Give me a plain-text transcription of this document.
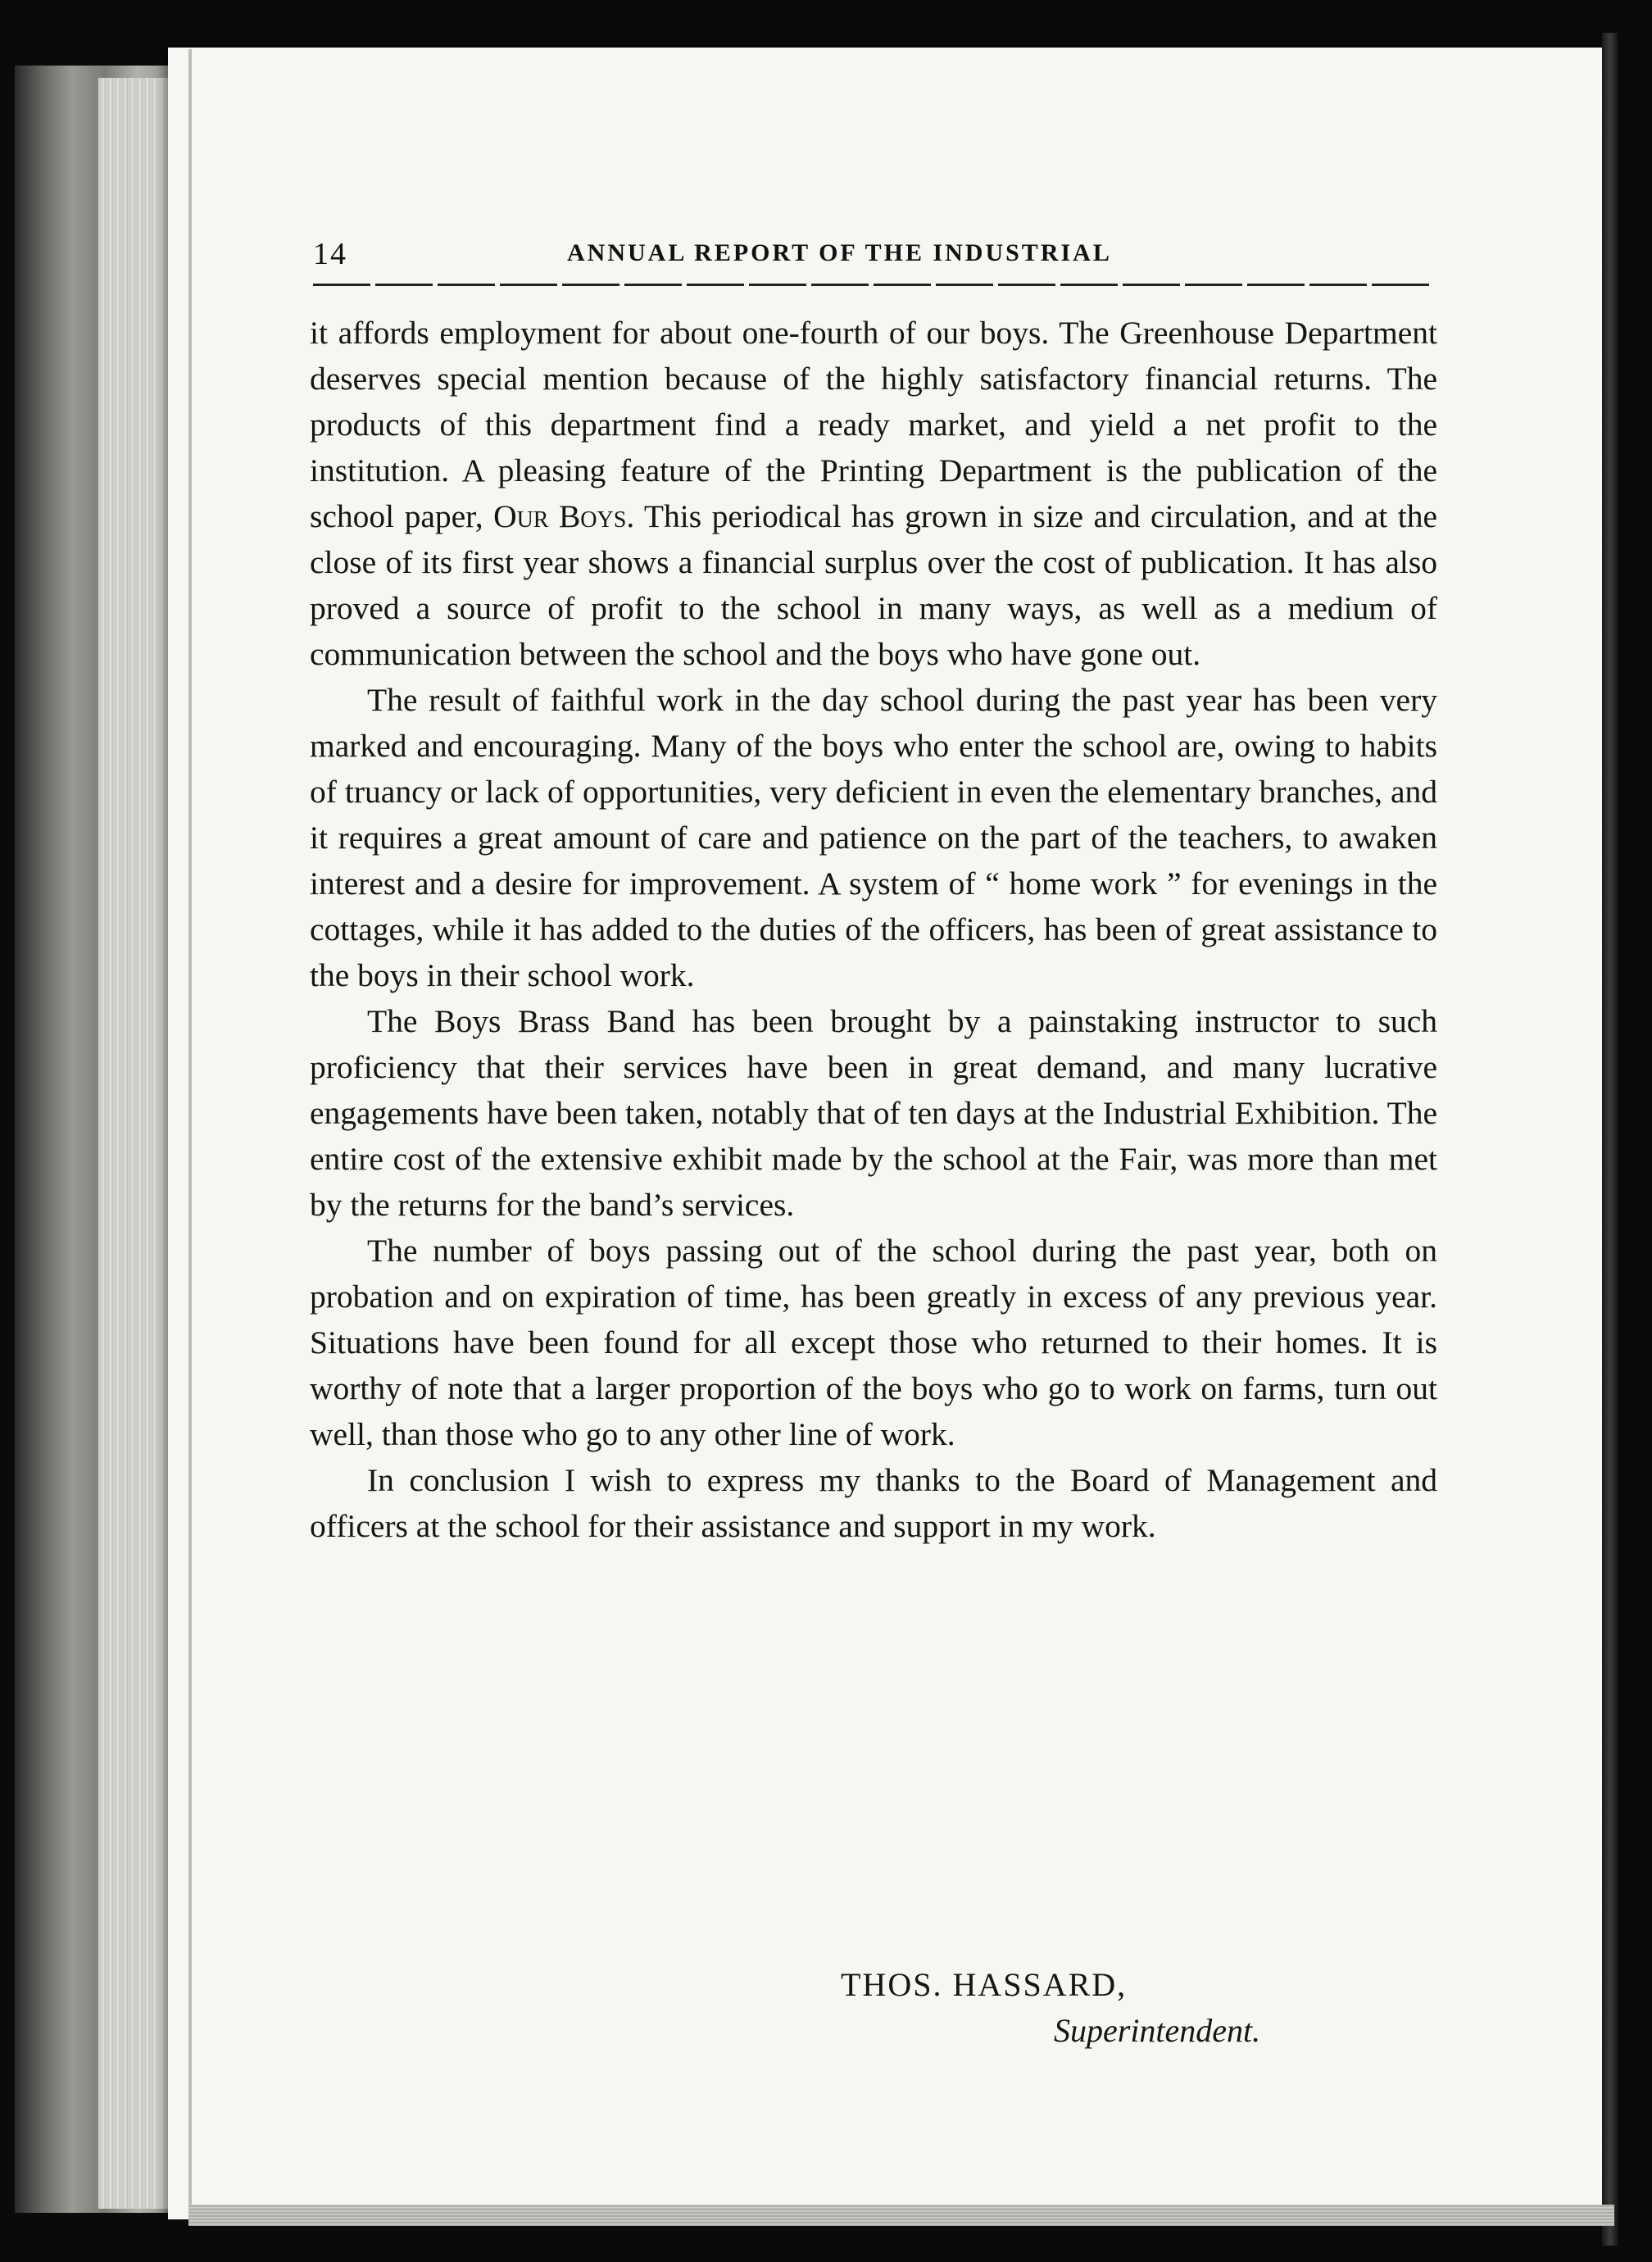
14	ANNUAL REPORT OF THE INDUSTRIAL

it affords employment for about one-fourth of our boys. The Greenhouse Department deserves special mention because of the highly satisfactory financial returns. The products of this department find a ready market, and yield a net profit to the institution. A pleasing feature of the Printing Department is the publication of the school paper, Our Boys. This periodical has grown in size and circulation, and at the close of its first year shows a financial surplus over the cost of publication. It has also proved a source of profit to the school in many ways, as well as a medium of communication between the school and the boys who have gone out.

The result of faithful work in the day school during the past year has been very marked and encouraging. Many of the boys who enter the school are, owing to habits of truancy or lack of opportunities, very deficient in even the elementary branches, and it requires a great amount of care and patience on the part of the teachers, to awaken interest and a desire for improvement. A system of “ home work ” for evenings in the cottages, while it has added to the duties of the officers, has been of great assistance to the boys in their school work.

The Boys Brass Band has been brought by a painstaking instructor to such proficiency that their services have been in great demand, and many lucrative engagements have been taken, notably that of ten days at the Industrial Exhibition. The entire cost of the extensive exhibit made by the school at the Fair, was more than met by the returns for the band’s services.

The number of boys passing out of the school during the past year, both on probation and on expiration of time, has been greatly in excess of any previous year. Situations have been found for all except those who returned to their homes. It is worthy of note that a larger proportion of the boys who go to work on farms, turn out well, than those who go to any other line of work.

In conclusion I wish to express my thanks to the Board of Management and officers at the school for their assistance and support in my work.

THOS. HASSARD,
Superintendent.
